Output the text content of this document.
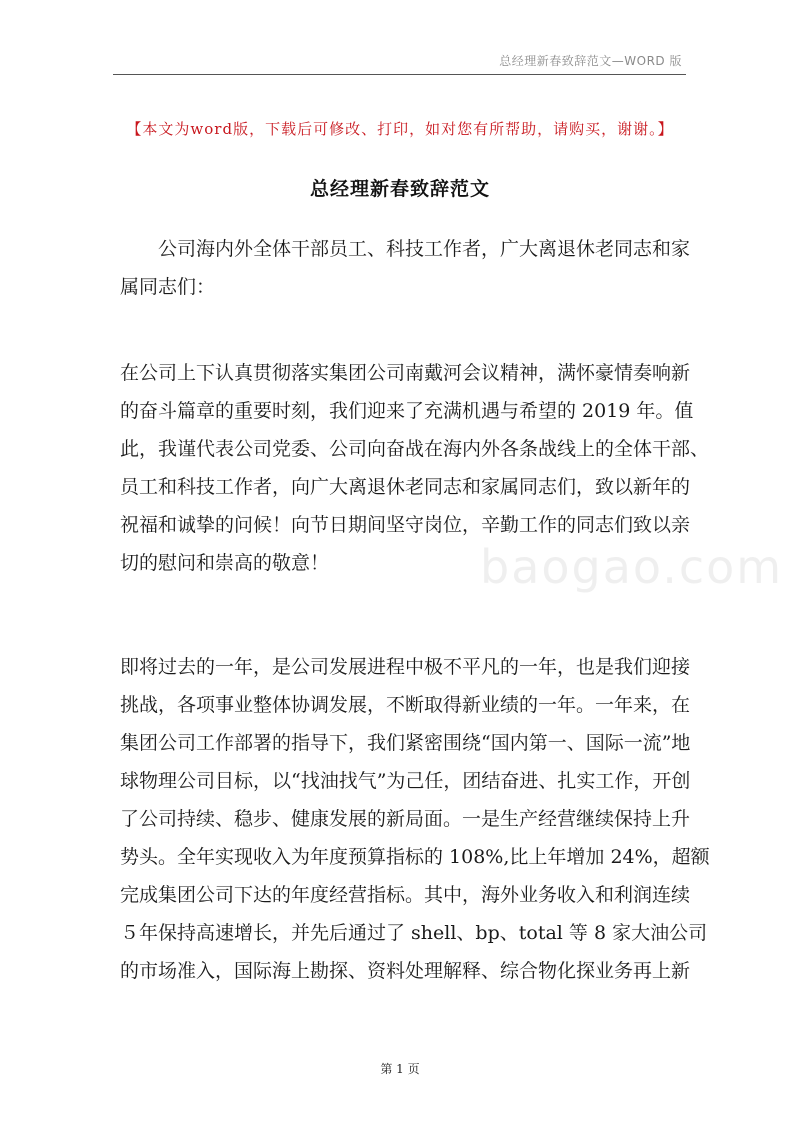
总经理新春致辞范文—WORD 版
【本文为word版，下载后可修改、打印，如对您有所帮助，请购买，谢谢。】
总经理新春致辞范文
公司海内外全体干部员工、科技工作者，广大离退休老同志和家
属同志们：
在公司上下认真贯彻落实集团公司南戴河会议精神，满怀豪情奏响新
的奋斗篇章的重要时刻，我们迎来了充满机遇与希望的 2019 年。值
此，我谨代表公司党委、公司向奋战在海内外各条战线上的全体干部、
员工和科技工作者，向广大离退休老同志和家属同志们，致以新年的
祝福和诚挚的问候！向节日期间坚守岗位，辛勤工作的同志们致以亲
切的慰问和崇高的敬意！	baogao.com
即将过去的一年，是公司发展进程中极不平凡的一年，也是我们迎接
挑战，各项事业整体协调发展，不断取得新业绩的一年。一年来，在
集团公司工作部署的指导下，我们紧密围绕“国内第一、国际一流”地
球物理公司目标，以“找油找气”为己任，团结奋进、扎实工作，开创
了公司持续、稳步、健康发展的新局面。一是生产经营继续保持上升
势头。全年实现收入为年度预算指标的 108%,比上年增加 24%，超额
完成集团公司下达的年度经营指标。其中，海外业务收入和利润连续
５年保持高速增长，并先后通过了 shell、bp、total 等 8 家大油公司
的市场准入，国际海上勘探、资料处理解释、综合物化探业务再上新
第 1 页
